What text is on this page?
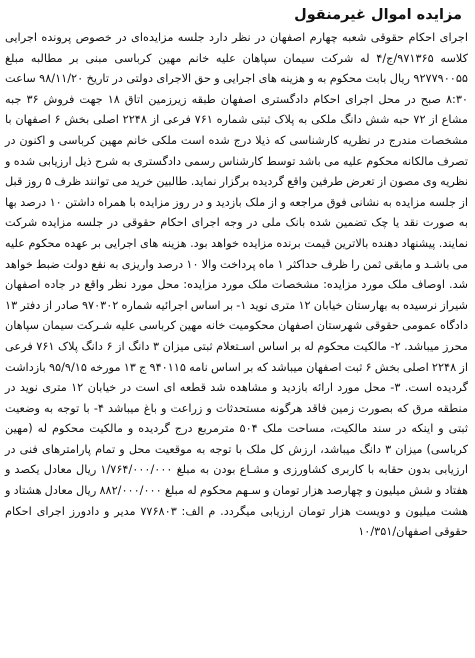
مزایده اموال غیرمنقول

اجرای احکام حقوقی شعبه چهارم اصفهان در نظر دارد جلسه مزایده‌ای در خصوص پرونده اجرایی کلاسه ۹۷۱۳۶۵/ج/۴ له شرکت سیمان سپاهان علیه خانم مهین کرباسی مبنی بر مطالبه مبلغ ۹۲۷۷۹۰۰۵۵ ریال بابت محکوم به و هزینه های اجرایی و حق الاجرای دولتی در تاریخ ۹۸/۱۱/۲۰ ساعت ۸:۳۰ صبح در محل اجرای احکام دادگستری اصفهان طبقه زیرزمین اتاق ۱۸ جهت فروش ۳۶ جبه مشاع از ۷۲ حبه شش دانگ ملکی به پلاک ثبتی شماره ۷۶۱ فرعی از ۲۲۴۸ اصلی بخش ۶ اصفهان با مشخصات مندرج در نظریه کارشناسی که ذیلا درج شده است ملکی خانم مهین کرباسی و اکنون در تصرف مالکانه محکوم علیه می باشد توسط کارشناس رسمی دادگستری به شرح ذیل ارزیابی شده و نظریه وی مصون از تعرض طرفین واقع گردیده برگزار نماید. طالبین خرید می توانند ظرف ۵ روز قبل از جلسه مزایده به نشانی فوق مراجعه و از ملک بازدید و در روز مزایده با همراه داشتن ۱۰ درصد بها به صورت نقد یا چک تضمین شده بانک ملی در وجه اجرای احکام حقوقی در جلسه مزایده شرکت نمایند. پیشنهاد دهنده بالاترین قیمت برنده مزایده خواهد بود. هزینه های اجرایی بر عهده محکوم علیه می باشـد و مابقی ثمن را ظرف حداکثر ۱ ماه پرداخت والا ۱۰ درصد واریزی به نفع دولت ضبط خواهد شد. اوصاف ملک مورد مزایده: مشخصات ملک مورد مزایده: محل مورد نظر واقع در جاده اصفهان شیراز نرسیده به بهارستان خیابان ۱۲ متری نوید ۱- بر اساس اجرائیه شماره ۹۷۰۳۰۲ صادر از دفتر ۱۳ دادگاه عمومی حقوقی شهرستان اصفهان محکومیت خانه مهین کرباسی علیه شـرکت سیمان سپاهان محرز میباشد. ۲- مالکیت محکوم له بر اساس اسـتعلام ثبتی میزان ۳ دانگ از ۶ دانگ پلاک ۷۶۱ فرعی از ۲۲۴۸ اصلی بخش ۶ ثبت اصفهان میباشد که بر اساس نامه ۹۴۰۱۱۵ ج ۱۳ مورخه ۹۵/۹/۱۵ بازداشت گردیده است. ۳- محل مورد ارائه بازدید و مشاهده شد قطعه ای است در خیابان ۱۲ متری نوید در منطقه مرق که بصورت زمین فاقد هرگونه مستحدثات و زراعت و باغ میباشد ۴- با توجه به وضعیت ثبتی و اینکه در سند مالکیت، مساحت ملک ۵۰۴ مترمربع درج گردیده و مالکیت محکوم له (مهین کرباسی) میزان ۳ دانگ میباشد، ارزش کل ملک با توجه به موقعیت محل و تمام پارامترهای فنی در ارزیابی بدون حقابه با کاربری کشاورزی و مشـاع بودن به مبلغ ۱/۷۶۴/۰۰۰/۰۰۰ ریال معادل یکصد و هفتاد و شش میلیون و چهارصد هزار تومان و سـهم محکوم له مبلغ ۸۸۲/۰۰۰/۰۰۰ ریال معادل هشتاد و هشت میلیون و دویست هزار تومان ارزیابی میگردد. م الف: ۷۷۶۸۰۳ مدیر و دادورز اجرای احکام حقوقی اصفهان/۱۰/۳۵۱
